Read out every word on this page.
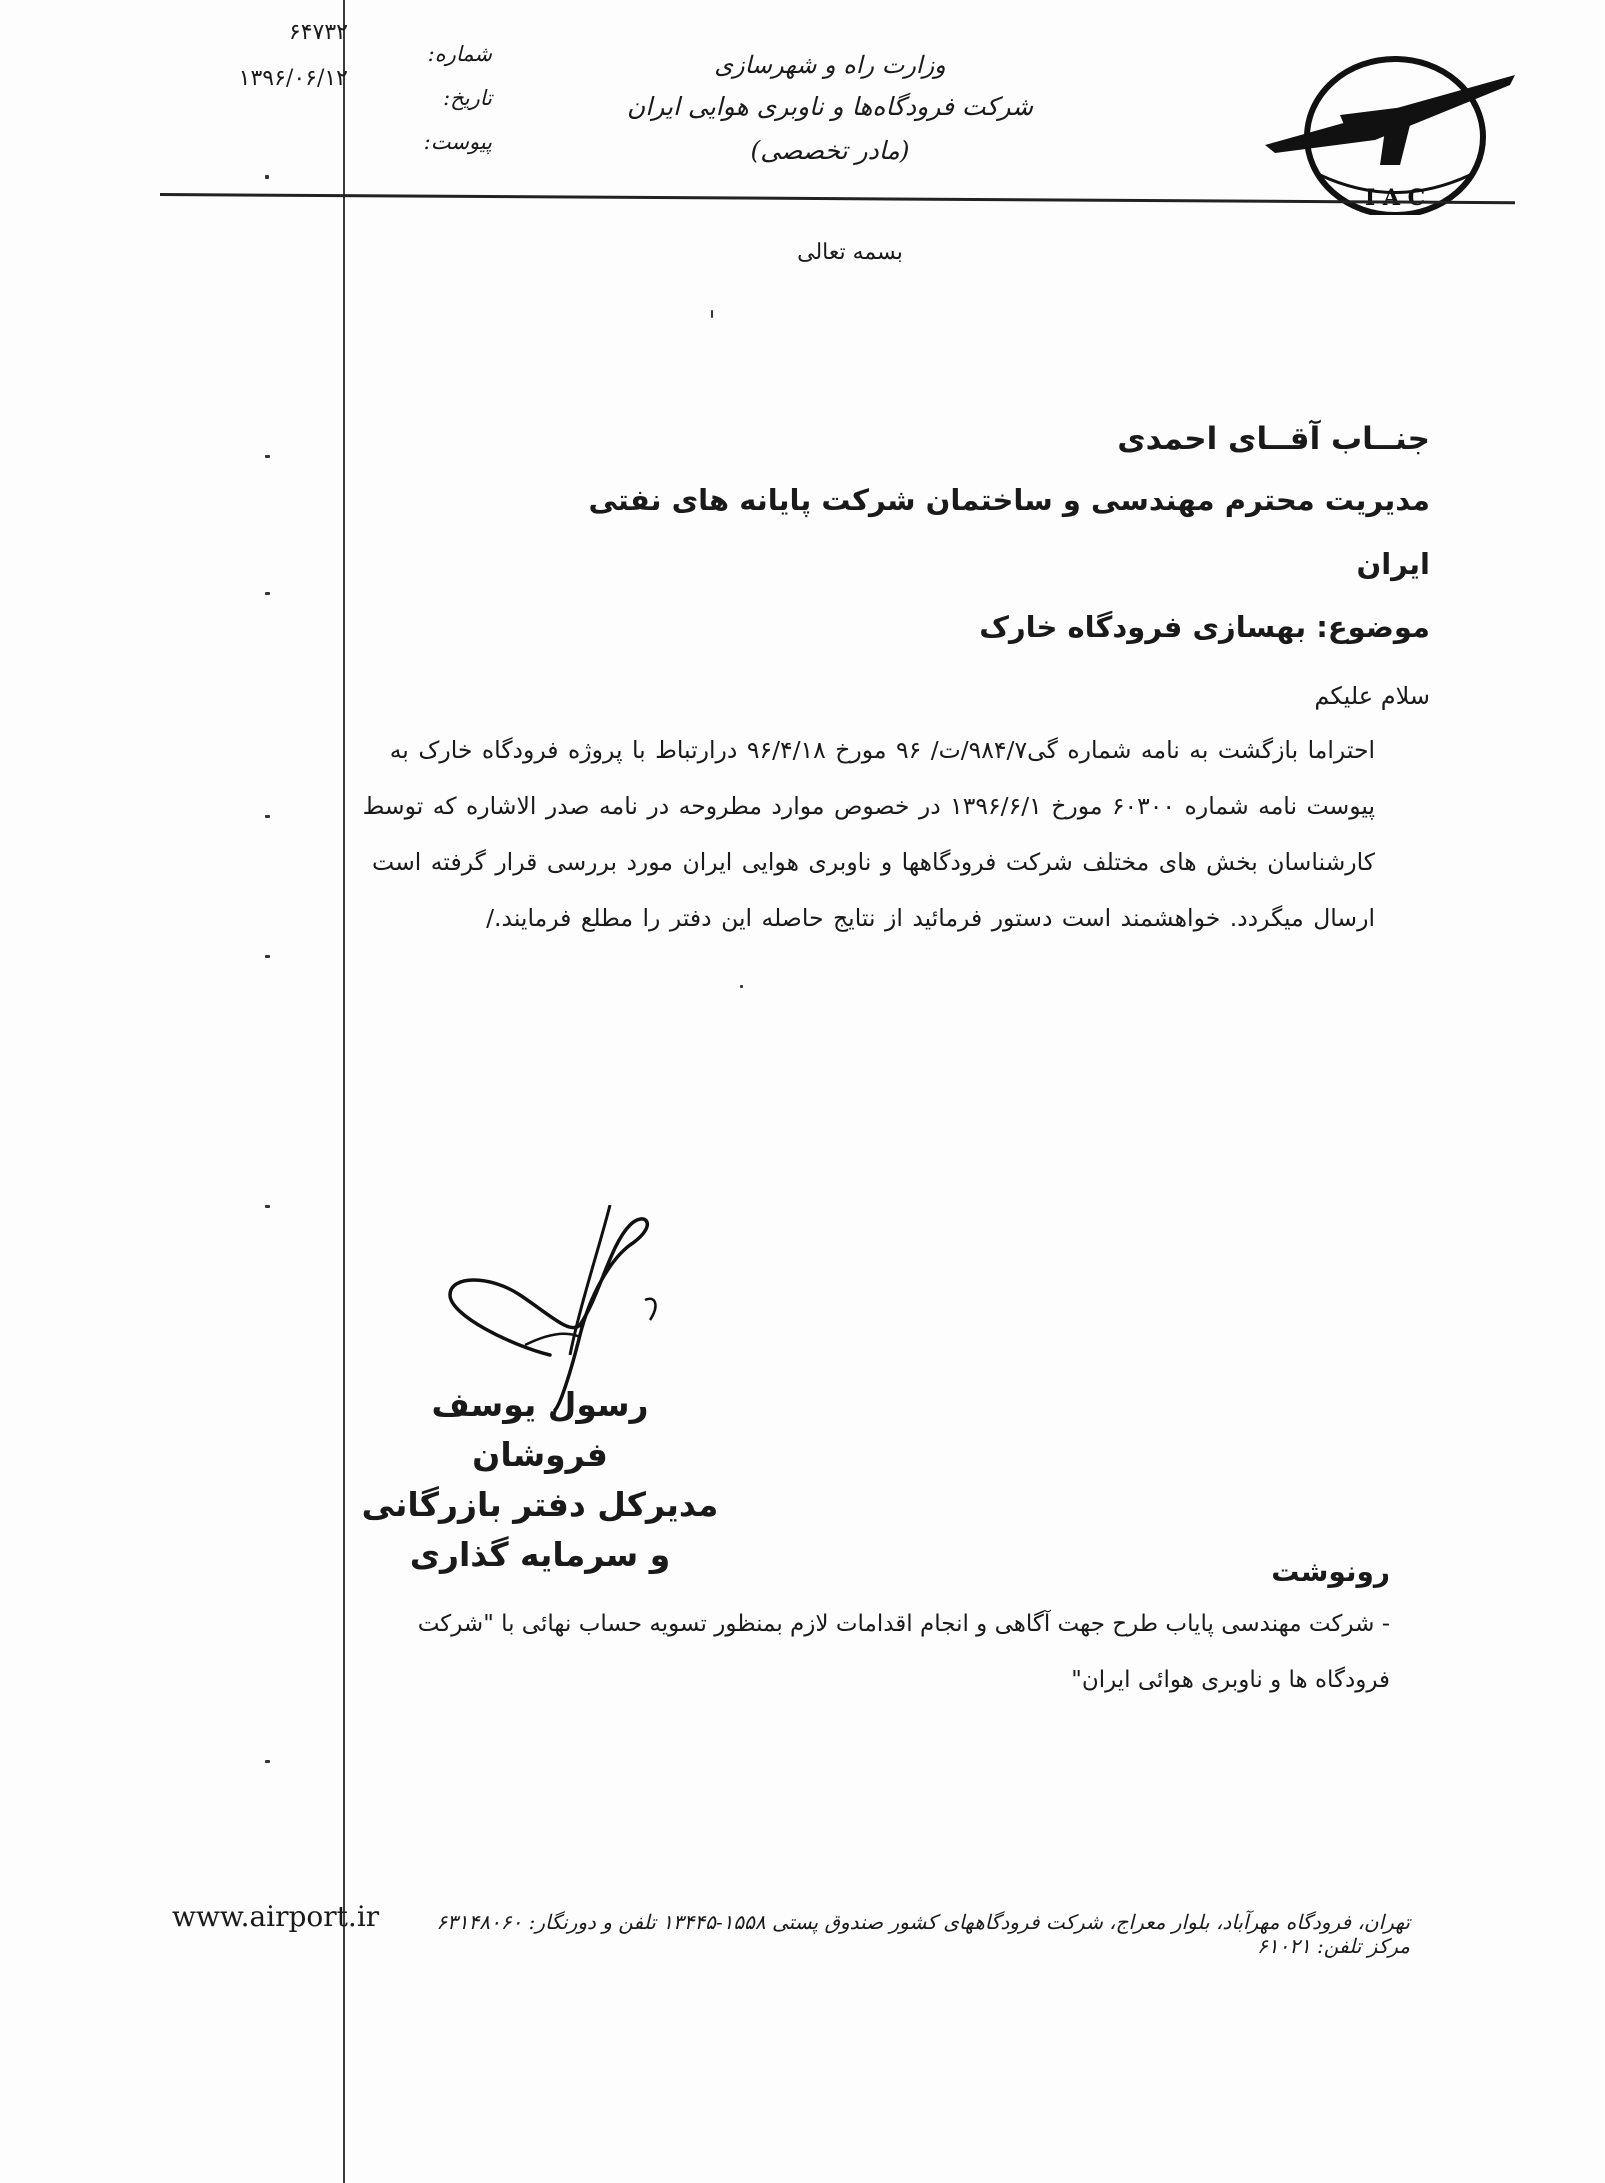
I A C
وزارت راه و شهرسازی
شرکت فرودگاه‌ها و ناوبری هوایی ایران (مادر تخصصی)
شماره:
تاریخ:
پیوست:
۶۴۷۳۲
۱۳۹۶/۰۶/۱۲
بسمه تعالی
جنــاب آقــای احمدی
مدیریت محترم مهندسی و ساختمان شرکت پایانه های نفتی ایران
موضوع: بهسازی فرودگاه خارک
سلام علیکم

احتراما بازگشت به نامه شماره گی۹۸۴/۷/ت/ ۹۶ مورخ ۹۶/۴/۱۸ درارتباط با پروژه فرودگاه خارک به

پیوست نامه شماره ۶۰۳۰۰ مورخ ۱۳۹۶/۶/۱ در خصوص موارد مطروحه در نامه صدر الاشاره که توسط

کارشناسان بخش های مختلف شرکت فرودگاهها و ناوبری هوایی ایران مورد بررسی قرار گرفته است

ارسال میگردد. خواهشمند است دستور فرمائید از نتایج حاصله این دفتر را مطلع فرمایند./

رسول یوسف فروشان
مدیرکل دفتر بازرگانی
و سرمایه گذاری	رونوشت

- شرکت مهندسی پایاب طرح جهت آگاهی و انجام اقدامات لازم بمنظور تسویه حساب نهائی با "شرکت

فرودگاه ها و ناوبری هوائی ایران"

www.airport.ir	تهران، فرودگاه مهرآباد، بلوار معراج، شرکت فرودگاههای کشور صندوق پستی ۱۵۵۸-۱۳۴۴۵ تلفن و دورنگار: ۶۳۱۴۸۰۶۰ مرکز تلفن: ۶۱۰۲۱
